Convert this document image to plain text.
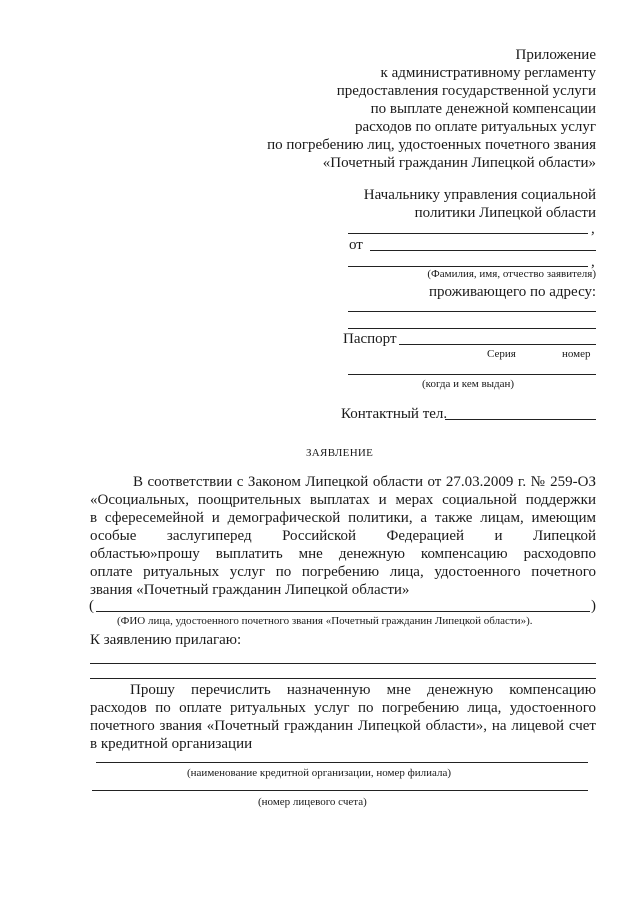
Приложение
к административному регламенту
предоставления государственной услуги
по выплате денежной компенсации
расходов по оплате ритуальных услуг
по погребению лиц, удостоенных почетного звания
«Почетный гражданин Липецкой области»
Начальнику управления социальной
политики Липецкой области
,
от
,
(Фамилия, имя, отчество заявителя)
проживающего по адресу:
Паспорт
Серия	номер
(когда и кем выдан)
Контактный тел.
ЗАЯВЛЕНИЕ
В соответствии с Законом Липецкой области от 27.03.2009 г. № 259-ОЗ
«Осоциальных, поощрительных выплатах и мерах социальной поддержки
в сфересемейной и демографической политики, а также лицам, имеющим
особые заслугиперед Российской Федерацией и Липецкой
областью»прошу выплатить мне денежную компенсацию расходовпо
оплате ритуальных услуг по погребению лица, удостоенного почетного
звания «Почетный гражданин Липецкой области»
(	)
(ФИО лица, удостоенного почетного звания «Почетный гражданин Липецкой области»).
К заявлению прилагаю:
Прошу перечислить назначенную мне денежную компенсацию
расходов по оплате ритуальных услуг по погребению лица, удостоенного
почетного звания «Почетный гражданин Липецкой области», на лицевой счет
в кредитной организации
(наименование кредитной организации, номер филиала)
(номер лицевого счета)
